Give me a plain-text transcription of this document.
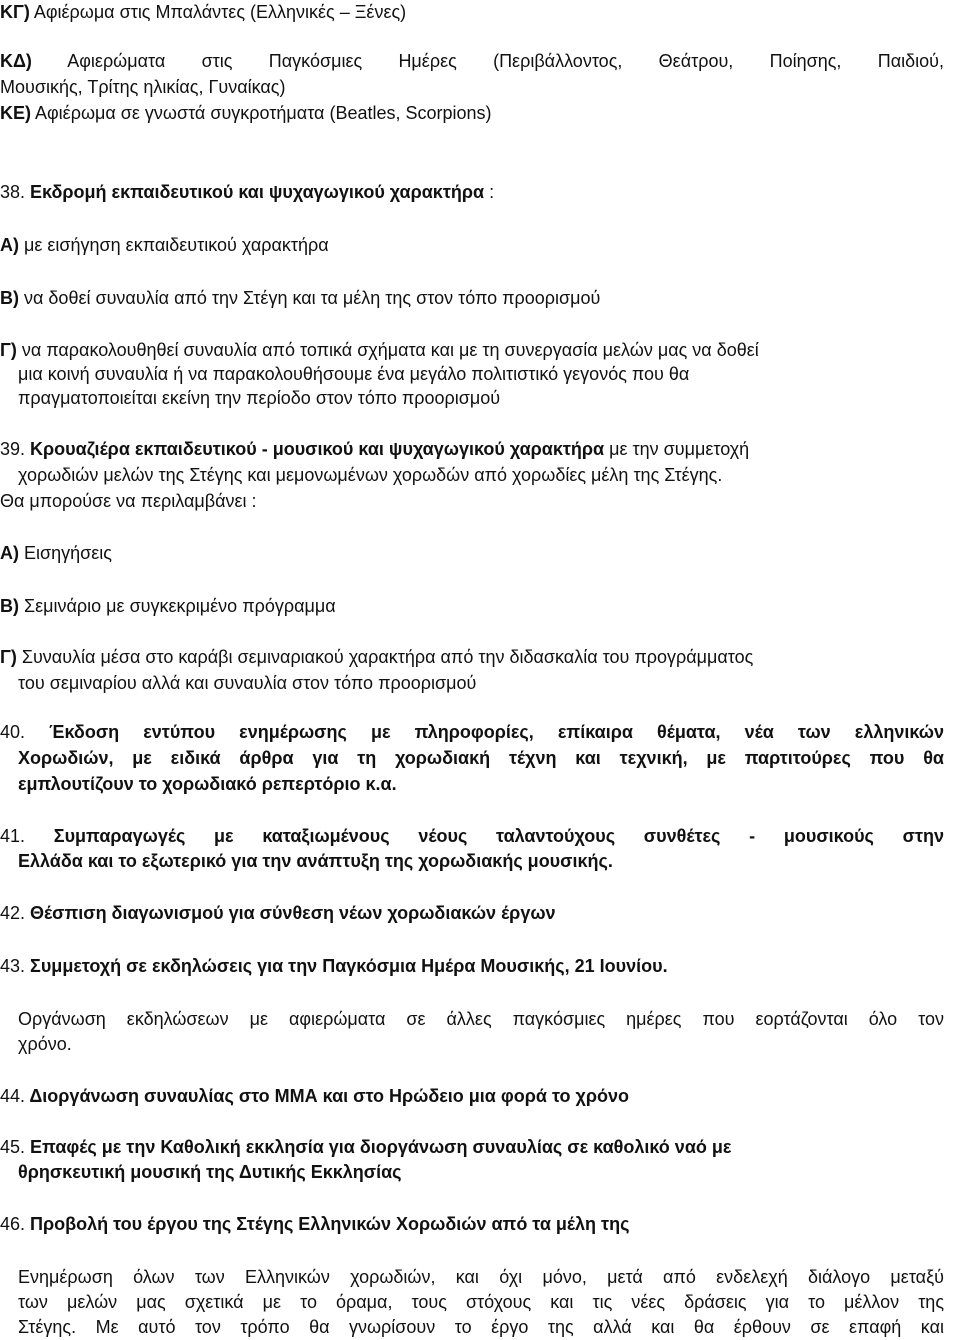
ΚΓ) Αφιέρωμα στις Μπαλάντες (Ελληνικές – Ξένες)
ΚΔ) Αφιερώματα στις Παγκόσμιες Ημέρες (Περιβάλλοντος, Θεάτρου, Ποίησης, Παιδιού,
Μουσικής, Τρίτης ηλικίας, Γυναίκας)
ΚΕ) Αφιέρωμα σε γνωστά συγκροτήματα (Beatles, Scorpions)
38. Εκδρομή εκπαιδευτικού και ψυχαγωγικού χαρακτήρα :
Α) με εισήγηση εκπαιδευτικού χαρακτήρα
Β) να δοθεί συναυλία από την Στέγη και τα μέλη της στον τόπο προορισμού
Γ) να παρακολουθηθεί συναυλία από τοπικά σχήματα και με τη συνεργασία μελών μας να δοθεί
μια κοινή συναυλία ή να παρακολουθήσουμε ένα μεγάλο πολιτιστικό γεγονός που θα
πραγματοποιείται εκείνη την περίοδο στον τόπο προορισμού
39. Κρουαζιέρα εκπαιδευτικού - μουσικού και ψυχαγωγικού χαρακτήρα με την συμμετοχή
χορωδιών μελών της Στέγης και μεμονωμένων χορωδών από χορωδίες μέλη της Στέγης.
Θα μπορούσε να περιλαμβάνει :
Α) Εισηγήσεις
Β) Σεμινάριο με συγκεκριμένο πρόγραμμα
Γ) Συναυλία μέσα στο καράβι σεμιναριακού χαρακτήρα από την διδασκαλία του προγράμματος
του σεμιναρίου αλλά και συναυλία στον τόπο προορισμού
40. Έκδοση εντύπου ενημέρωσης με πληροφορίες, επίκαιρα θέματα, νέα των ελληνικών
Χορωδιών, με ειδικά άρθρα για τη χορωδιακή τέχνη και τεχνική, με παρτιτούρες που θα
εμπλουτίζουν το χορωδιακό ρεπερτόριο κ.α.
41. Συμπαραγωγές με καταξιωμένους νέους ταλαντούχους συνθέτες - μουσικούς στην
Ελλάδα και το εξωτερικό για την ανάπτυξη της χορωδιακής μουσικής.
42. Θέσπιση διαγωνισμού για σύνθεση νέων χορωδιακών έργων
43. Συμμετοχή σε εκδηλώσεις για την Παγκόσμια Ημέρα Μουσικής, 21 Ιουνίου.
Οργάνωση εκδηλώσεων με αφιερώματα σε άλλες παγκόσμιες ημέρες που εορτάζονται όλο τον
χρόνο.
44. Διοργάνωση συναυλίας στο ΜΜΑ και στο Ηρώδειο μια φορά το χρόνο
45. Επαφές με την Καθολική εκκλησία για διοργάνωση συναυλίας σε καθολικό ναό με
θρησκευτική μουσική της Δυτικής Εκκλησίας
46. Προβολή του έργου της Στέγης Ελληνικών Χορωδιών από τα μέλη της
Ενημέρωση όλων των Ελληνικών χορωδιών, και όχι μόνο, μετά από ενδελεχή διάλογο μεταξύ
των μελών μας σχετικά με το όραμα, τους στόχους και τις νέες δράσεις για το μέλλον της
Στέγης. Με αυτό τον τρόπο θα γνωρίσουν το έργο της αλλά και θα έρθουν σε επαφή και
